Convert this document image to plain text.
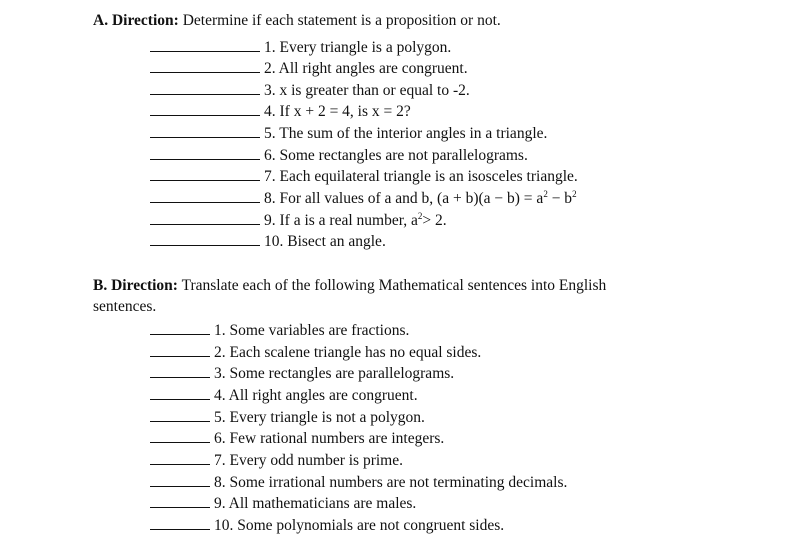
A. Direction: Determine if each statement is a proposition or not.
1. Every triangle is a polygon.
2. All right angles are congruent.
3. x is greater than or equal to -2.
4. If x + 2 = 4, is x = 2?
5. The sum of the interior angles in a triangle.
6. Some rectangles are not parallelograms.
7. Each equilateral triangle is an isosceles triangle.
8. For all values of a and b, $(a + b)(a - b) = a^2 - b^2$
9. If a is a real number, $a^2> 2$.
10. Bisect an angle.
B. Direction: Translate each of the following Mathematical sentences into English
sentences.
1. Some variables are fractions.
2. Each scalene triangle has no equal sides.
3. Some rectangles are parallelograms.
4. All right angles are congruent.
5. Every triangle is not a polygon.
6. Few rational numbers are integers.
7. Every odd number is prime.
8. Some irrational numbers are not terminating decimals.
9. All mathematicians are males.
10. Some polynomials are not congruent sides.
